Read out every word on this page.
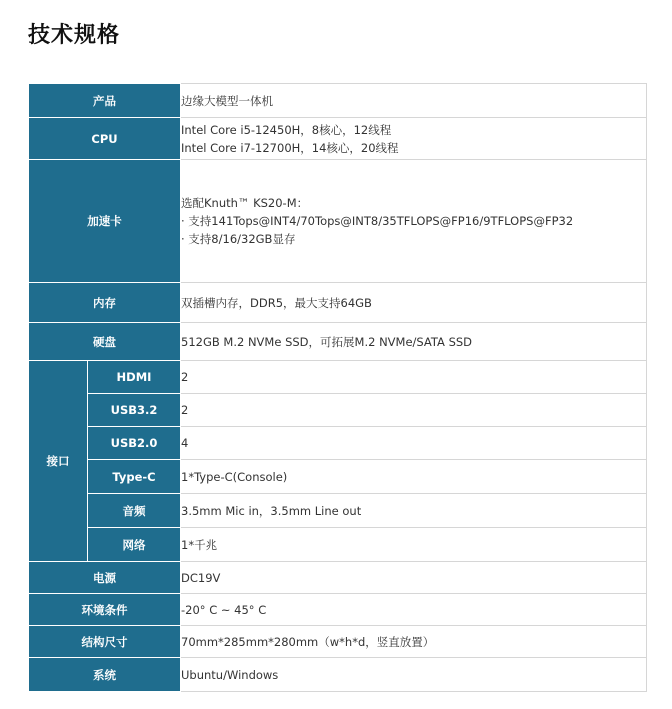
技术规格
产品		边缘大模型一体机
CPU		Intel Core i5-12450H，8核心，12线程
Intel Core i7-12700H，14核心，20线程

加速卡		选配Knuth™ KS20-M：
· 支持141Tops@INT4/70Tops@INT8/35TFLOPS@FP16/9TFLOPS@FP32
· 支持8/16/32GB显存

内存		双插槽内存，DDR5，最大支持64GB
硬盘		512GB M.2 NVMe SSD，可拓展M.2 NVMe/SATA SSD
接口	HDMI	2
	USB3.2	2
	USB2.0	4
	Type-C	1*Type-C(Console)
	音频	3.5mm Mic in，3.5mm Line out
	网络	1*千兆
电源		DC19V
环境条件		-20° C ~ 45° C
结构尺寸		70mm*285mm*280mm（w*h*d，竖直放置）
系统		Ubuntu/Windows
